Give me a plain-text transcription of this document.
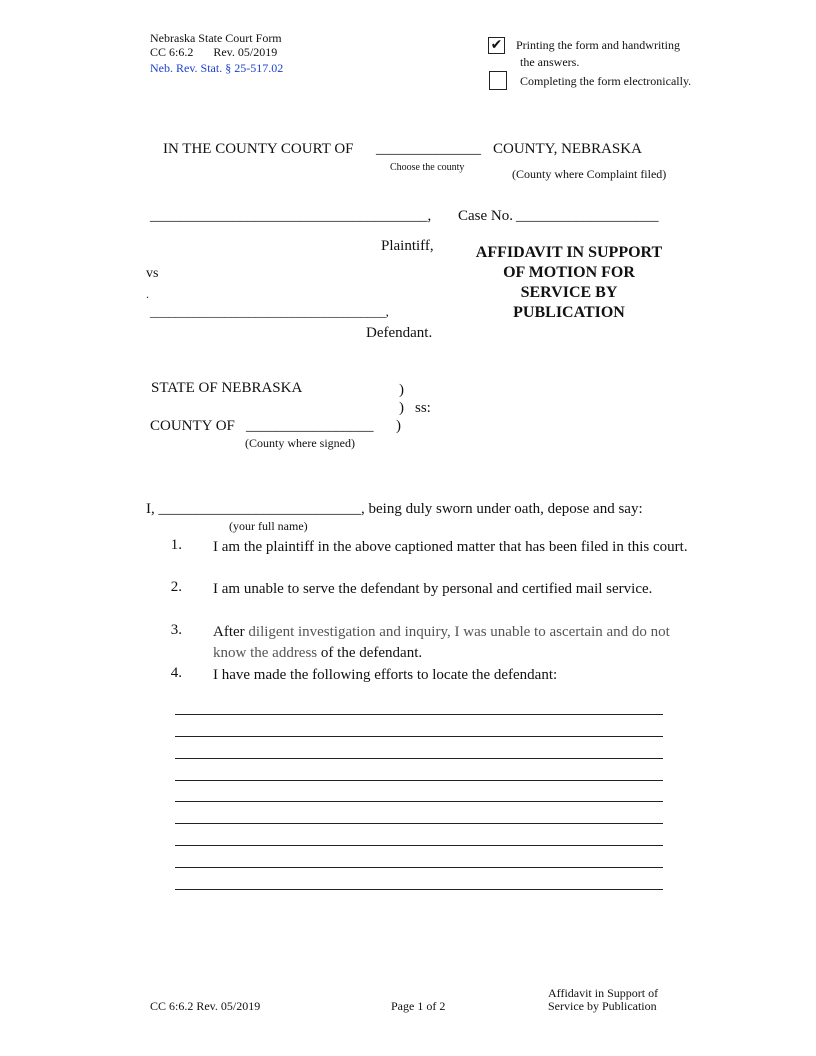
Nebraska State Court Form
CC 6:6.2 Rev. 05/2019
Neb. Rev. Stat. § 25-517.02
✔ Printing the form and handwriting
the answers.
Completing the form electronically.
IN THE COUNTY COURT OF ______________ COUNTY, NEBRASKA
Choose the county	(County where Complaint filed)
_____________________________________, Case No. ___________________
Plaintiff,	AFFIDAVIT IN SUPPORT
OF MOTION FOR
SERVICE BY
PUBLICATION
vs
.
______________________________________,
Defendant.
STATE OF NEBRASKA	)
) ss:
COUNTY OF _________________ )
(County where signed)
I, ___________________________, being duly sworn under oath, depose and say:
(your full name)
1. I am the plaintiff in the above captioned matter that has been filed in this court.
2. I am unable to serve the defendant by personal and certified mail service.
3. After diligent investigation and inquiry, I was unable to ascertain and do not know the address of the defendant.
4. I have made the following efforts to locate the defendant:
CC 6:6.2 Rev. 05/2019	Page 1 of 2
Affidavit in Support of
Service by Publication
